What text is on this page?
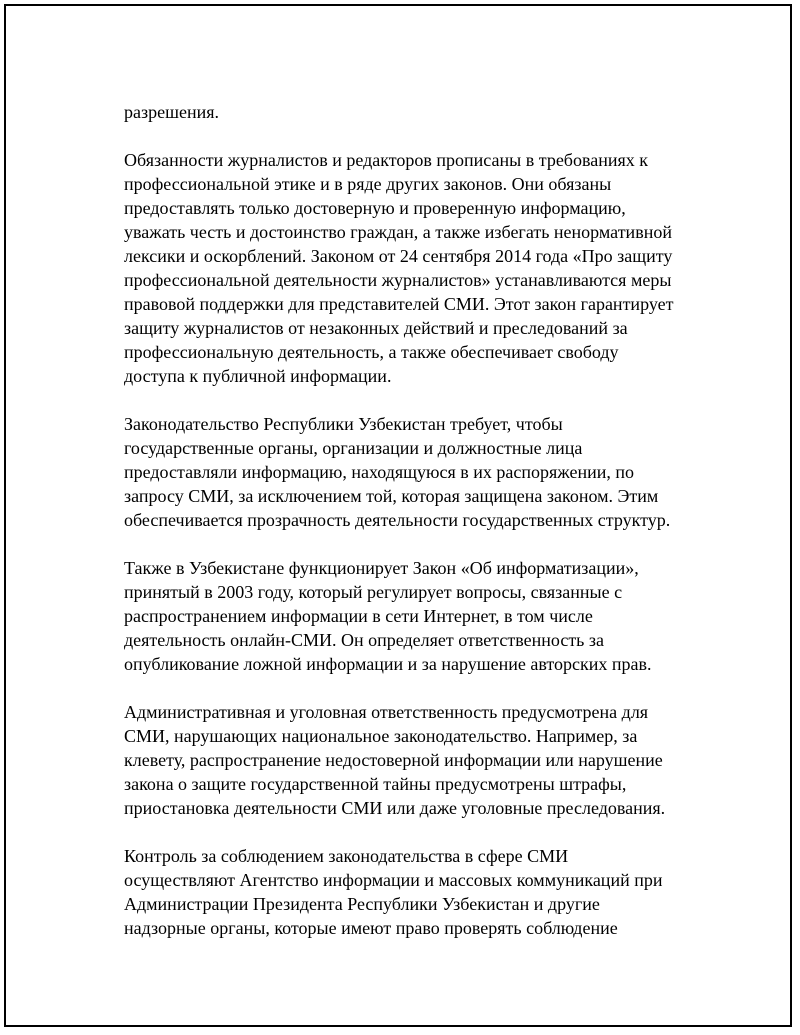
разрешения.
Обязанности журналистов и редакторов прописаны в требованиях к
профессиональной этике и в ряде других законов. Они обязаны
предоставлять только достоверную и проверенную информацию,
уважать честь и достоинство граждан, а также избегать ненормативной
лексики и оскорблений. Законом от 24 сентября 2014 года «Про защиту
профессиональной деятельности журналистов» устанавливаются меры
правовой поддержки для представителей СМИ. Этот закон гарантирует
защиту журналистов от незаконных действий и преследований за
профессиональную деятельность, а также обеспечивает свободу
доступа к публичной информации.
Законодательство Республики Узбекистан требует, чтобы
государственные органы, организации и должностные лица
предоставляли информацию, находящуюся в их распоряжении, по
запросу СМИ, за исключением той, которая защищена законом. Этим
обеспечивается прозрачность деятельности государственных структур.
Также в Узбекистане функционирует Закон «Об информатизации»,
принятый в 2003 году, который регулирует вопросы, связанные с
распространением информации в сети Интернет, в том числе
деятельность онлайн-СМИ. Он определяет ответственность за
опубликование ложной информации и за нарушение авторских прав.
Административная и уголовная ответственность предусмотрена для
СМИ, нарушающих национальное законодательство. Например, за
клевету, распространение недостоверной информации или нарушение
закона о защите государственной тайны предусмотрены штрафы,
приостановка деятельности СМИ или даже уголовные преследования.
Контроль за соблюдением законодательства в сфере СМИ
осуществляют Агентство информации и массовых коммуникаций при
Администрации Президента Республики Узбекистан и другие
надзорные органы, которые имеют право проверять соблюдение
